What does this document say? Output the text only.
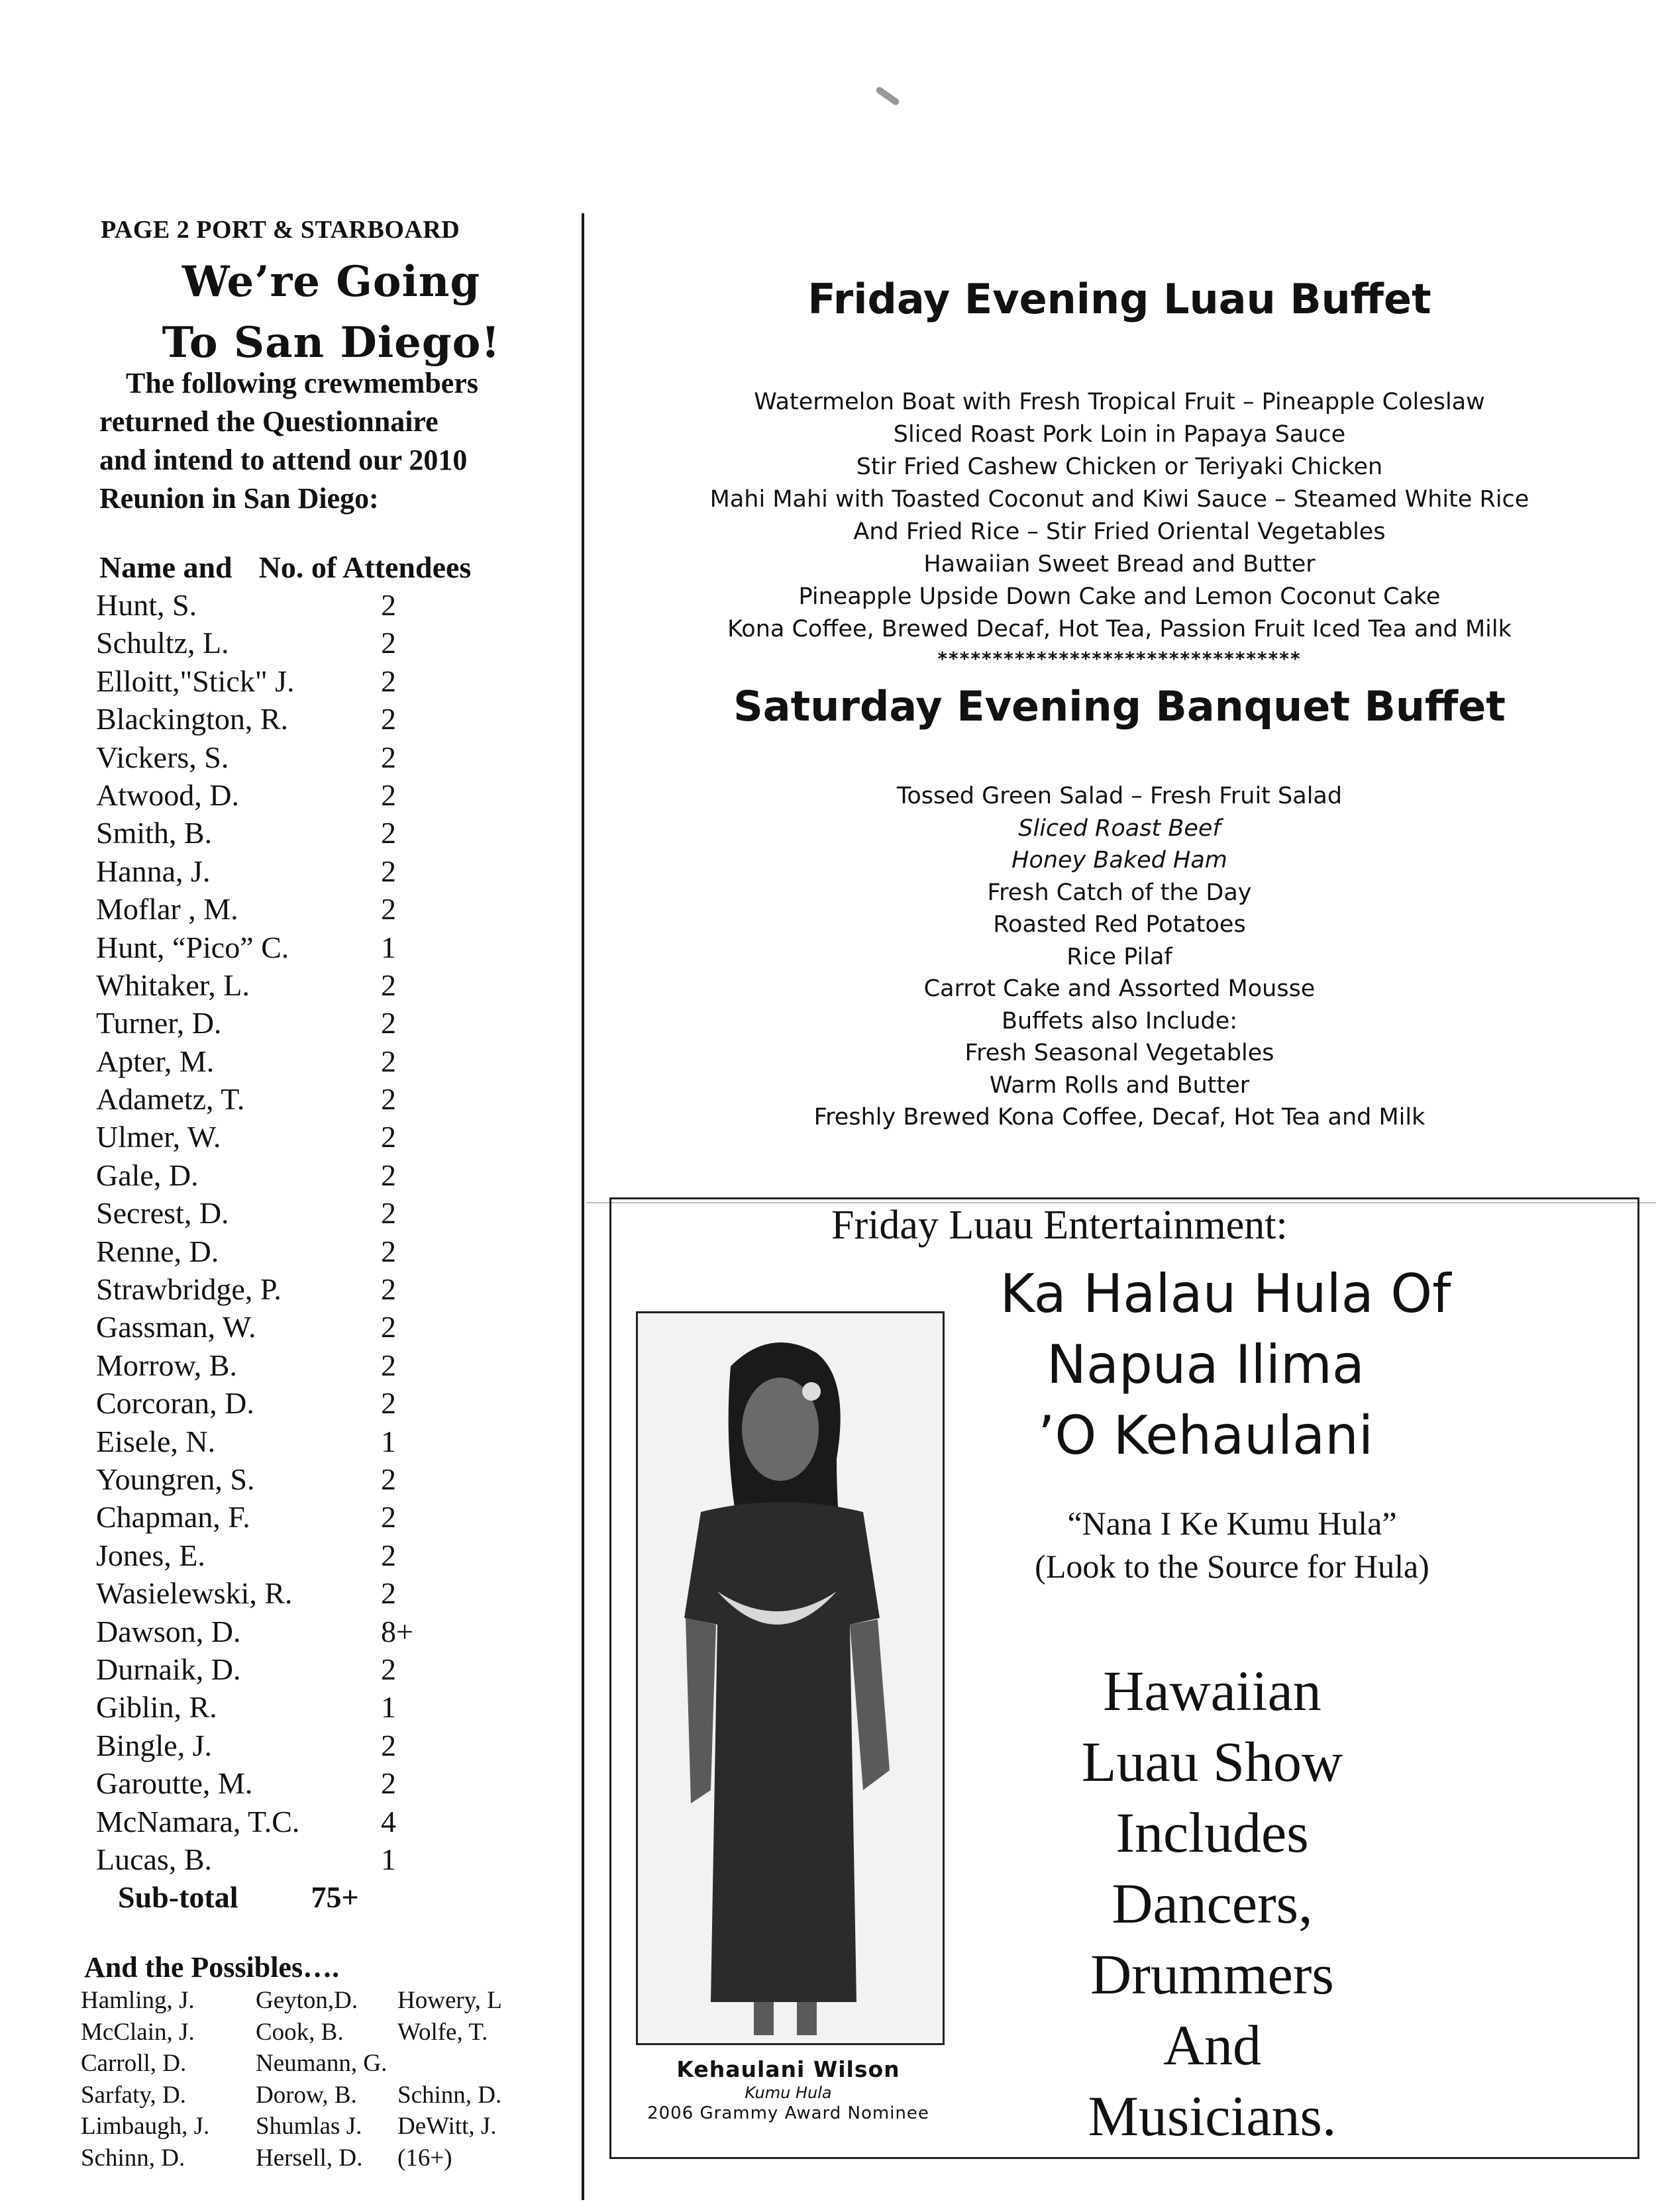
PAGE 2 PORT & STARBOARD
We’re Going
To San Diego!
The following crewmembers
returned the Questionnaire
and intend to attend our 2010
Reunion in San Diego:
Name and No. of Attendees
Hunt, S.	2
Schultz, L.	2
Elloitt,"Stick" J.	2
Blackington, R.	2
Vickers, S.	2
Atwood, D.	2
Smith, B.	2
Hanna, J.	2
Moflar , M.	2
Hunt, “Pico” C.	1
Whitaker, L.	2
Turner, D.	2
Apter, M.	2
Adametz, T.	2
Ulmer, W.	2
Gale, D.	2
Secrest, D.	2
Renne, D.	2
Strawbridge, P.	2
Gassman, W.	2
Morrow, B.	2
Corcoran, D.	2
Eisele, N.	1
Youngren, S.	2
Chapman, F.	2
Jones, E.	2
Wasielewski, R.	2
Dawson, D.	8+
Durnaik, D.	2
Giblin, R.	1
Bingle, J.	2
Garoutte, M.	2
McNamara, T.C.	4
Lucas, B.	1
Sub-total 75+
And the Possibles….
Hamling, J. Geyton,D. Howery, L
McClain, J. Cook, B. Wolfe, T.
Carroll, D.	Neumann, G.
Sarfaty, D.	Dorow, B. Schinn, D.
Limbaugh, J. Shumlas J. DeWitt, J.
Schinn, D.	Hersell, D. (16+)
Friday Evening Luau Buffet
Watermelon Boat with Fresh Tropical Fruit – Pineapple Coleslaw
Sliced Roast Pork Loin in Papaya Sauce
Stir Fried Cashew Chicken or Teriyaki Chicken
Mahi Mahi with Toasted Coconut and Kiwi Sauce – Steamed White Rice
And Fried Rice – Stir Fried Oriental Vegetables
Hawaiian Sweet Bread and Butter
Pineapple Upside Down Cake and Lemon Coconut Cake
Kona Coffee, Brewed Decaf, Hot Tea, Passion Fruit Iced Tea and Milk
*********************************
Saturday Evening Banquet Buffet
Tossed Green Salad – Fresh Fruit Salad
Sliced Roast Beef
Honey Baked Ham
Fresh Catch of the Day
Roasted Red Potatoes
Rice Pilaf
Carrot Cake and Assorted Mousse
Buffets also Include:
Fresh Seasonal Vegetables
Warm Rolls and Butter
Freshly Brewed Kona Coffee, Decaf, Hot Tea and Milk
Friday Luau Entertainment:
Ka Halau Hula Of
Napua Ilima
’O Kehaulani
“Nana I Ke Kumu Hula”
(Look to the Source for Hula)
Hawaiian
Luau Show
Includes
Dancers,
Drummers
And
Musicians.
Kehaulani Wilson
Kumu Hula
2006 Grammy Award Nominee
